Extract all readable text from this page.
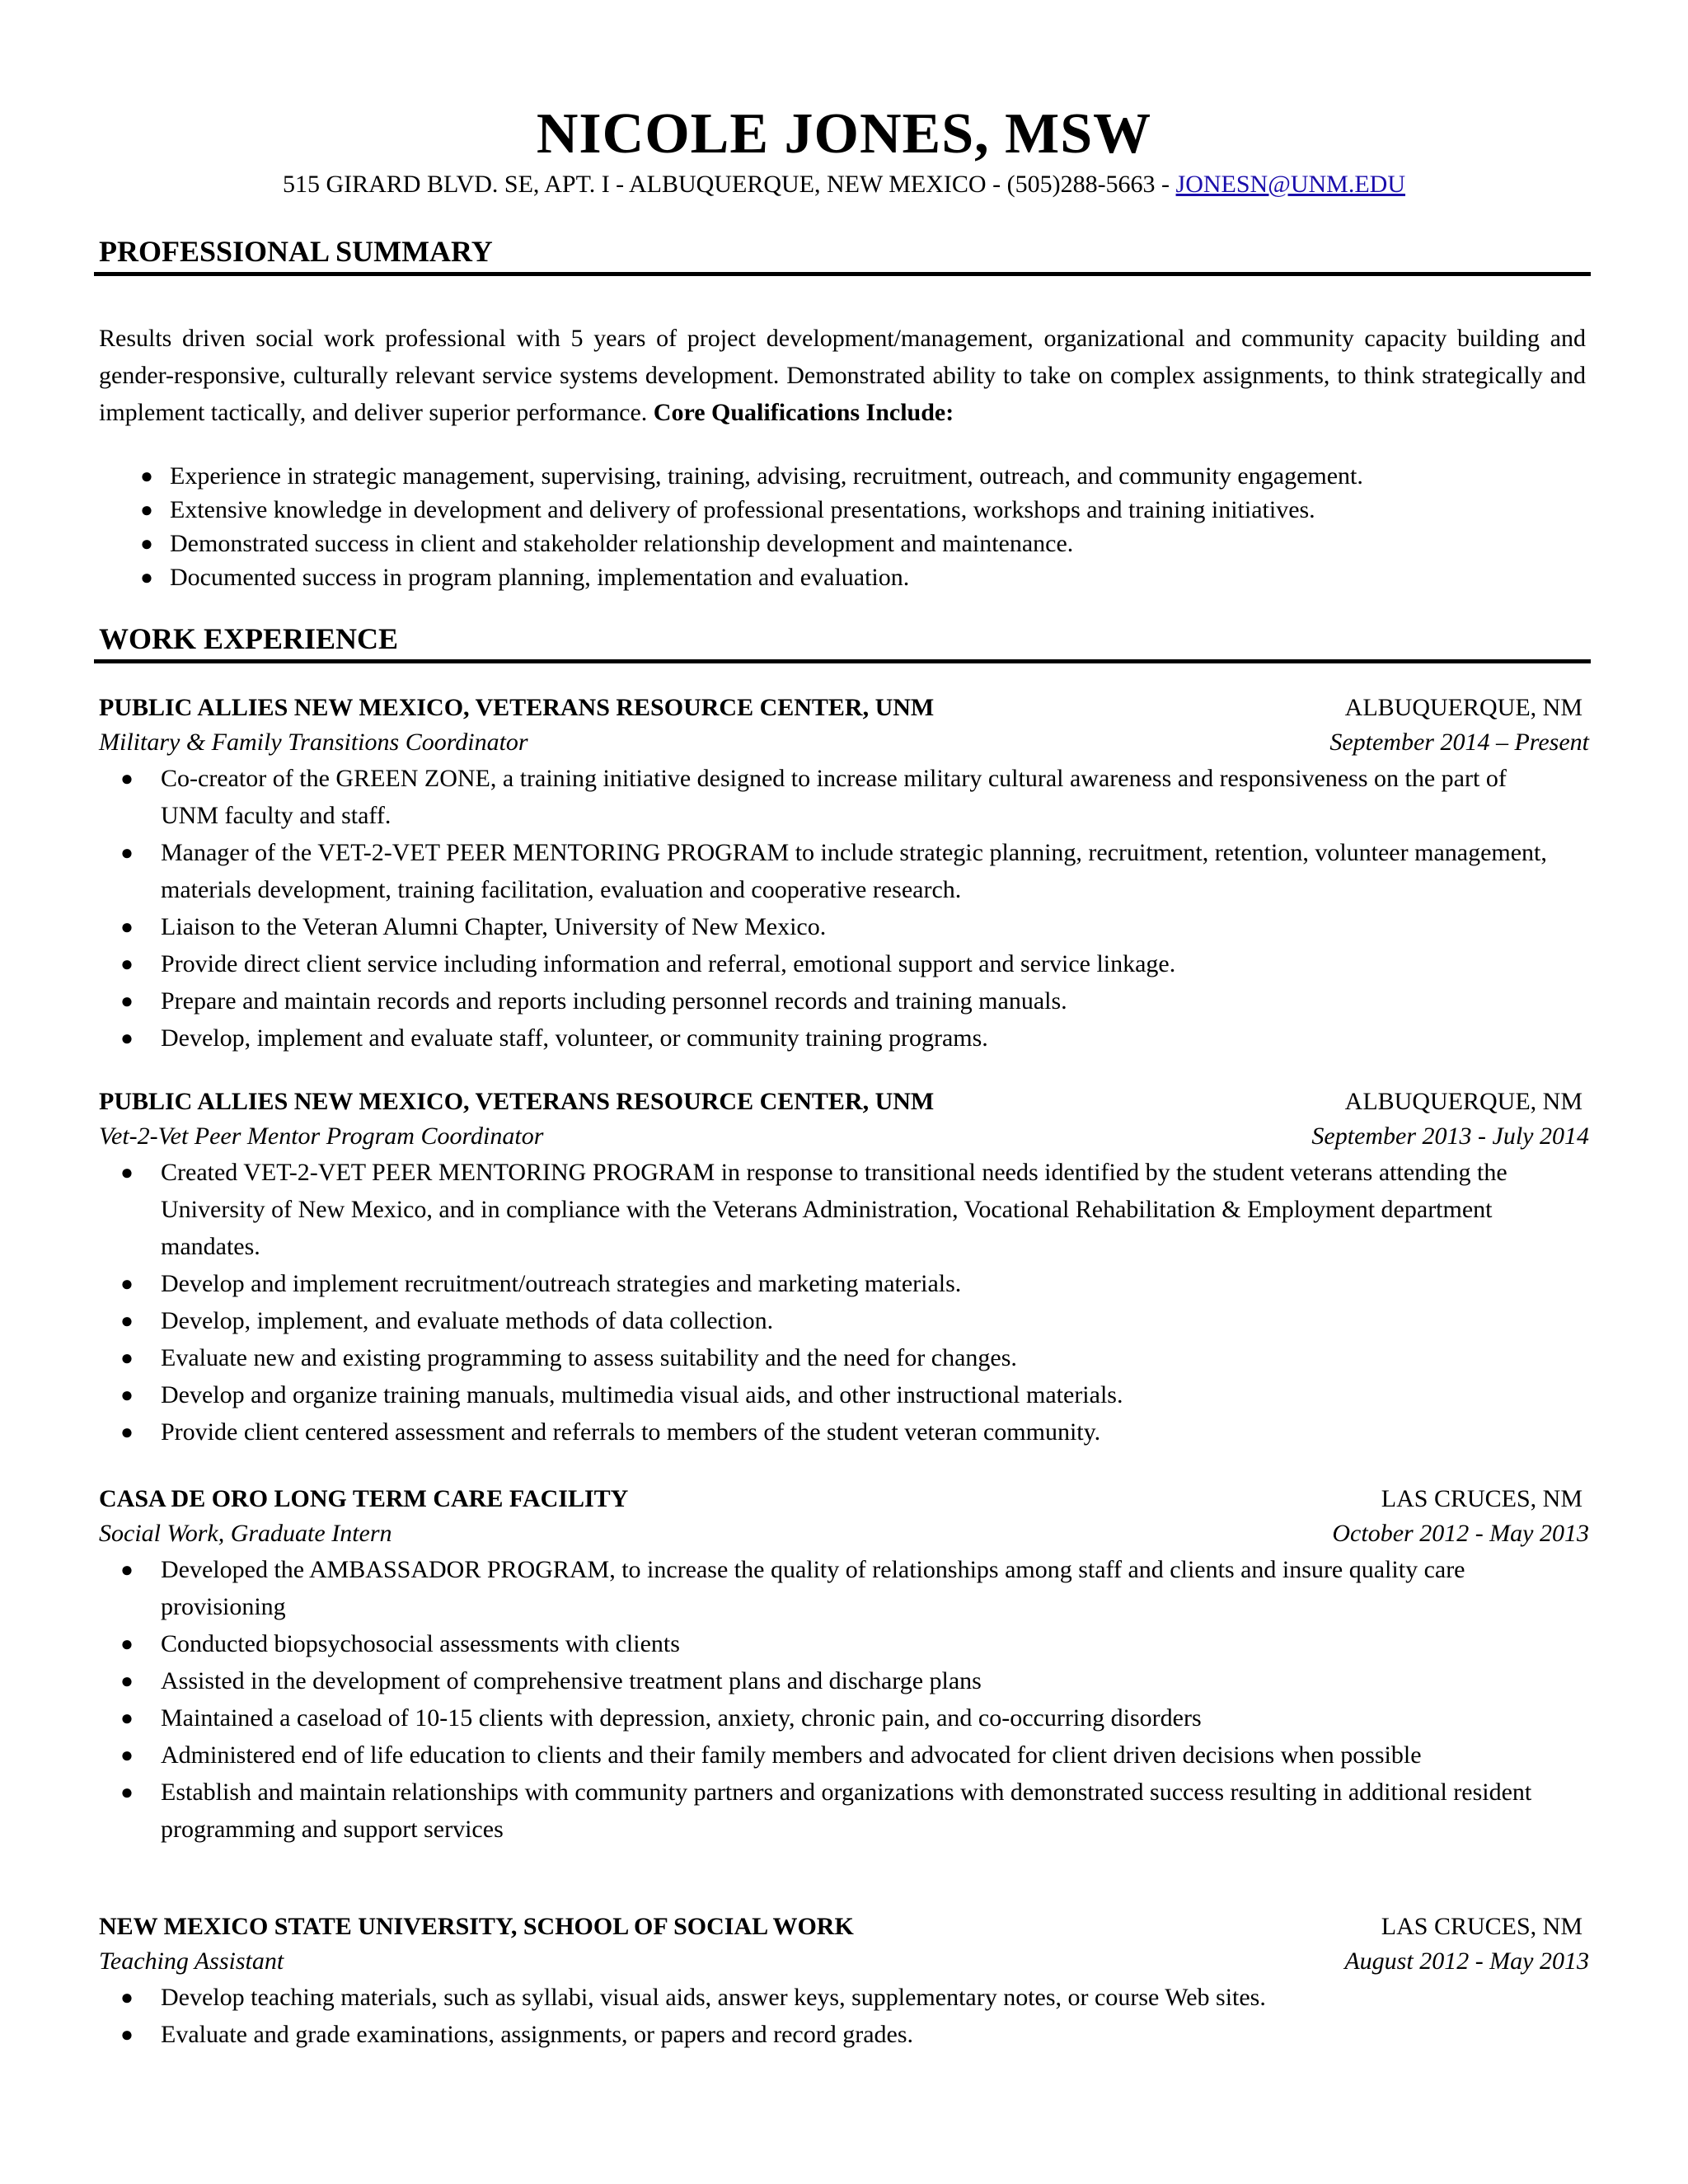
NICOLE JONES, MSW
515 GIRARD BLVD. SE, APT. I - ALBUQUERQUE, NEW MEXICO - (505)288-5663 - JONESN@UNM.EDU
PROFESSIONAL SUMMARY
Results driven social work professional with 5 years of project development/management, organizational and community capacity building and gender-responsive, culturally relevant service systems development. Demonstrated ability to take on complex assignments, to think strategically and implement tactically, and deliver superior performance. Core Qualifications Include:
● Experience in strategic management, supervising, training, advising, recruitment, outreach, and community engagement.
● Extensive knowledge in development and delivery of professional presentations, workshops and training initiatives.
● Demonstrated success in client and stakeholder relationship development and maintenance.
● Documented success in program planning, implementation and evaluation.
WORK EXPERIENCE
PUBLIC ALLIES NEW MEXICO, VETERANS RESOURCE CENTER, UNM	ALBUQUERQUE, NM
Military & Family Transitions Coordinator	September 2014 – Present
●	Co-creator of the GREEN ZONE, a training initiative designed to increase military cultural awareness and responsiveness on the part of UNM faculty and staff.
●	Manager of the VET-2-VET PEER MENTORING PROGRAM to include strategic planning, recruitment, retention, volunteer management, materials development, training facilitation, evaluation and cooperative research.
●	Liaison to the Veteran Alumni Chapter, University of New Mexico.
●	Provide direct client service including information and referral, emotional support and service linkage.
●	Prepare and maintain records and reports including personnel records and training manuals.
●	Develop, implement and evaluate staff, volunteer, or community training programs.
PUBLIC ALLIES NEW MEXICO, VETERANS RESOURCE CENTER, UNM	ALBUQUERQUE, NM
Vet-2-Vet Peer Mentor Program Coordinator	September 2013 - July 2014
●	Created VET-2-VET PEER MENTORING PROGRAM in response to transitional needs identified by the student veterans attending the University of New Mexico, and in compliance with the Veterans Administration, Vocational Rehabilitation & Employment department mandates.
●	Develop and implement recruitment/outreach strategies and marketing materials.
●	Develop, implement, and evaluate methods of data collection.
●	Evaluate new and existing programming to assess suitability and the need for changes.
●	Develop and organize training manuals, multimedia visual aids, and other instructional materials.
●	Provide client centered assessment and referrals to members of the student veteran community.
CASA DE ORO LONG TERM CARE FACILITY	LAS CRUCES, NM
Social Work, Graduate Intern	October 2012 - May 2013
●	Developed the AMBASSADOR PROGRAM, to increase the quality of relationships among staff and clients and insure quality care provisioning
●	Conducted biopsychosocial assessments with clients
●	Assisted in the development of comprehensive treatment plans and discharge plans
●	Maintained a caseload of 10-15 clients with depression, anxiety, chronic pain, and co-occurring disorders
●	Administered end of life education to clients and their family members and advocated for client driven decisions when possible
●	Establish and maintain relationships with community partners and organizations with demonstrated success resulting in additional resident programming and support services
NEW MEXICO STATE UNIVERSITY, SCHOOL OF SOCIAL WORK	LAS CRUCES, NM
Teaching Assistant	August 2012 - May 2013
●	Develop teaching materials, such as syllabi, visual aids, answer keys, supplementary notes, or course Web sites.
●	Evaluate and grade examinations, assignments, or papers and record grades.
